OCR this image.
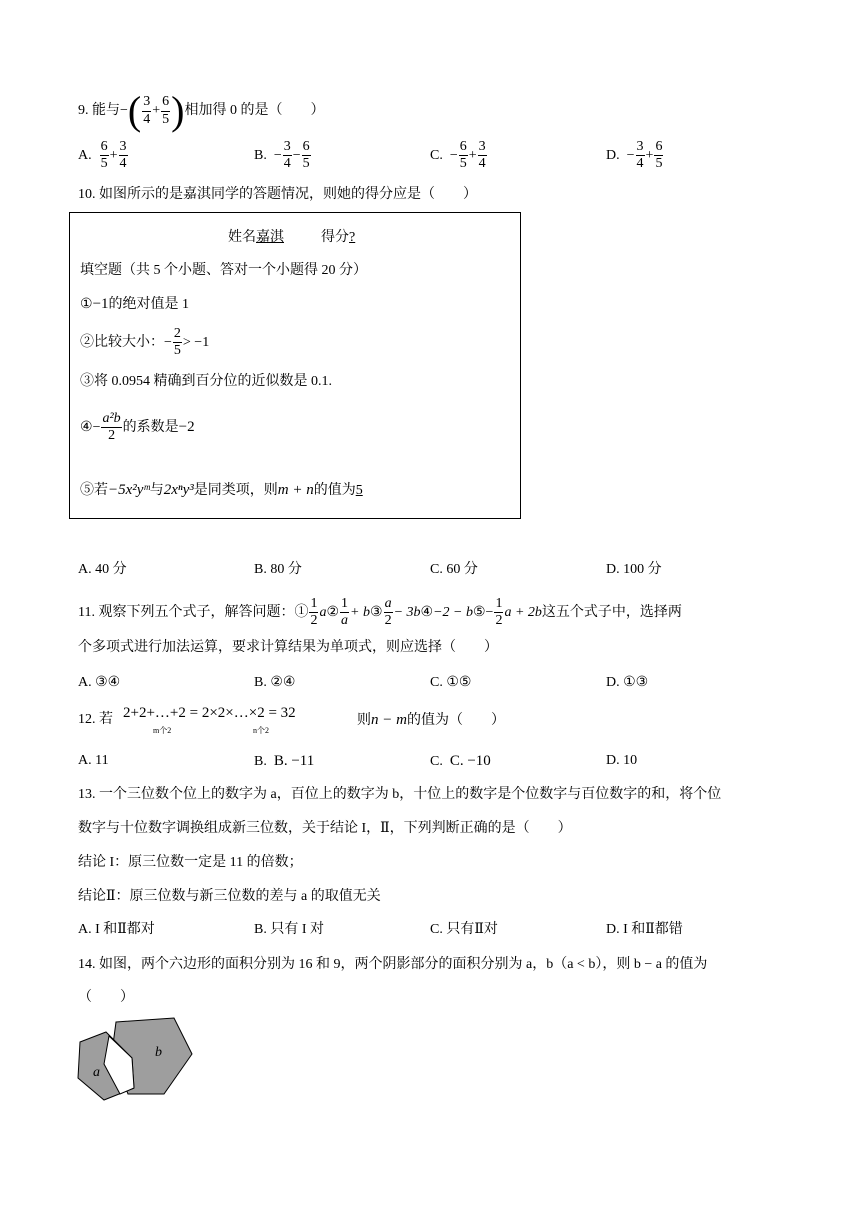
9. 能与−( $\frac{3}{4} + \frac{6}{5}$ )相加得 0 的是（　　）
A. $\frac{6}{5} + \frac{3}{4}$	B. − $\frac{3}{4} - \frac{6}{5}$	C. − $\frac{6}{5} + \frac{3}{4}$	D. − $\frac{3}{4} + \frac{6}{5}$
10. 如图所示的是嘉淇同学的答题情况，则她的得分应是（　　）
姓名嘉淇	得分?
填空题（共 5 个小题、答对一个小题得 20 分）
①−1的绝对值是 1
②比较大小：− $\frac{2}{5} > -1$
③将 0.0954 精确到百分位的近似数是 0.1.
④− $\frac{\text{a²b}}{2}$ 的系数是−2
⑤若−5x²yᵐ与2xⁿy³是同类项，则m + n的值为5
A. 40 分	B. 80 分	C. 60 分	D. 100 分
11. 观察下列五个式子，解答问题：① $\frac{1}{2}$ a② $\frac{1}{a}$ + b③ $\frac{a}{2}$ − 3b④−2 − b⑤− $\frac{1}{2}$ a + 2b这五个式子中，选择两
个多项式进行加法运算，要求计算结果为单项式，则应选择（　　）
A. ③④	B. ②④	C. ①⑤	D. ①③
12. 若 2+2+…+2 = 2×2×…×2 = 32
m个2	n个2
则n − m的值为（　　）
A. 11	B.  B. −11	C.  C. −10	D. 10
13. 一个三位数个位上的数字为 a，百位上的数字为 b，十位上的数字是个位数字与百位数字的和，将个位
数字与十位数字调换组成新三位数，关于结论 I，Ⅱ，下列判断正确的是（　　）
结论 I：原三位数一定是 11 的倍数；
结论Ⅱ：原三位数与新三位数的差与 a 的取值无关
A. I 和Ⅱ都对	B. 只有 I 对	C. 只有Ⅱ对	D. I 和Ⅱ都错
14. 如图，两个六边形的面积分别为 16 和 9，两个阴影部分的面积分别为 a，b（a < b），则 b − a 的值为
（　　）
b
a
